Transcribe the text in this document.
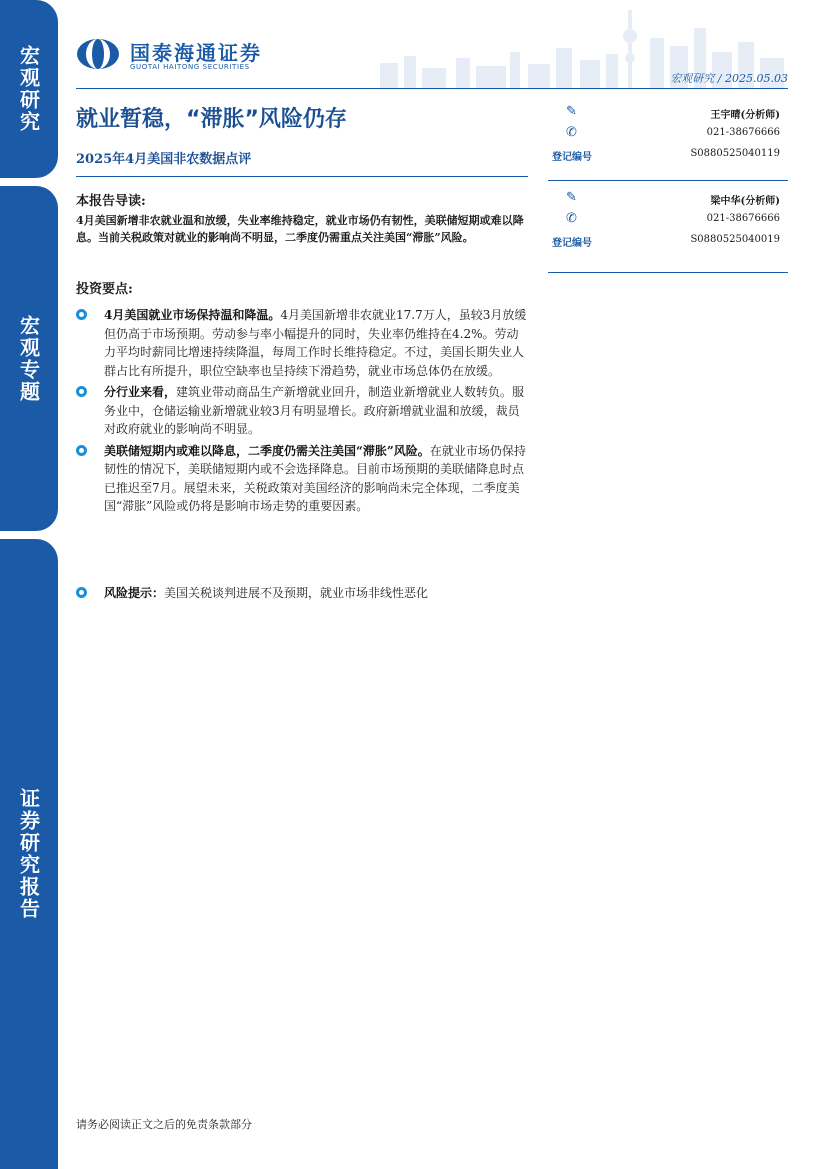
宏观研究
宏观专题
证券研究报告
国泰海通证券
GUOTAI HAITONG SECURITIES
宏观研究 / 2025.05.03
就业暂稳，“滞胀”风险仍存
2025年4月美国非农数据点评
✎	王宇晴(分析师)
✆	021-38676666
登记编号	S0880525040119
✎	梁中华(分析师)
✆	021-38676666
登记编号	S0880525040019
本报告导读:

4月美国新增非农就业温和放缓，失业率维持稳定，就业市场仍有韧性，美联储短期或难以降息。当前关税政策对就业的影响尚不明显，二季度仍需重点关注美国“滞胀”风险。

投资要点:
4月美国就业市场保持温和降温。4月美国新增非农就业17.7万人，虽较3月放缓但仍高于市场预期。劳动参与率小幅提升的同时，失业率仍维持在4.2%。劳动力平均时薪同比增速持续降温，每周工作时长维持稳定。不过，美国长期失业人群占比有所提升，职位空缺率也呈持续下滑趋势，就业市场总体仍在放缓。
分行业来看，建筑业带动商品生产新增就业回升，制造业新增就业人数转负。服务业中，仓储运输业新增就业较3月有明显增长。政府新增就业温和放缓，裁员对政府就业的影响尚不明显。
美联储短期内或难以降息，二季度仍需关注美国“滞胀”风险。在就业市场仍保持韧性的情况下，美联储短期内或不会选择降息。目前市场预期的美联储降息时点已推迟至7月。展望未来，关税政策对美国经济的影响尚未完全体现，二季度美国“滞胀”风险或仍将是影响市场走势的重要因素。
风险提示：美国关税谈判进展不及预期，就业市场非线性恶化
请务必阅读正文之后的免责条款部分
